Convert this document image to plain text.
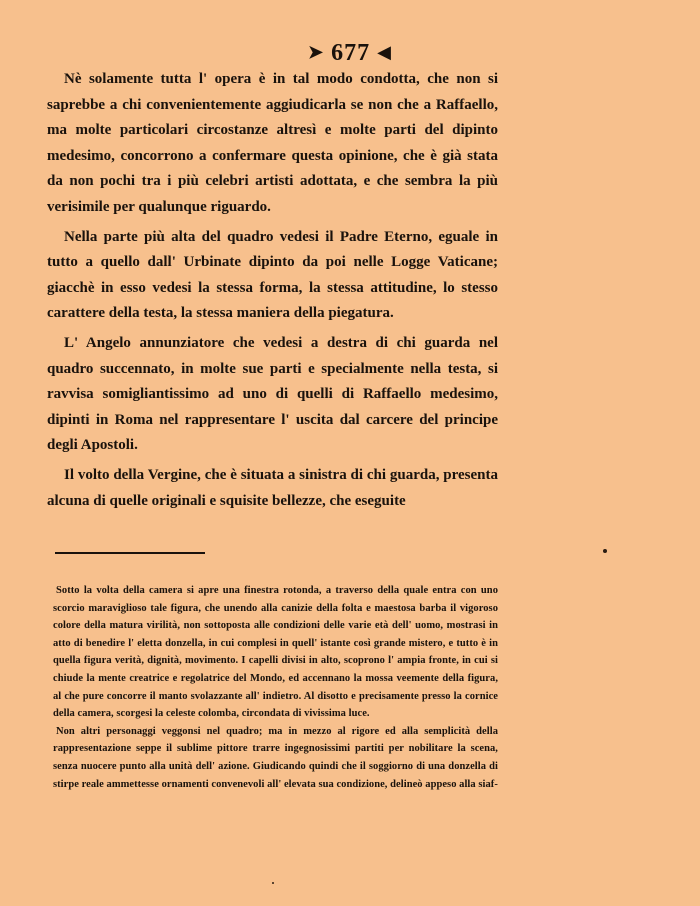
➤ 677 ◀

Nè solamente tutta l' opera è in tal modo condotta, che non si saprebbe a chi convenientemente aggiudicarla se non che a Raffaello, ma molte particolari circostanze altresì e molte parti del dipinto medesimo, concorrono a confermare questa opinione, che è già stata da non pochi tra i più celebri artisti adottata, e che sembra la più verisimile per qualunque riguardo.

Nella parte più alta del quadro vedesi il Padre Eterno, eguale in tutto a quello dall' Urbinate dipinto da poi nelle Logge Vaticane; giacchè in esso vedesi la stessa forma, la stessa attitudine, lo stesso carattere della testa, la stessa maniera della piegatura.

L' Angelo annunziatore che vedesi a destra di chi guarda nel quadro succennato, in molte sue parti e specialmente nella testa, si ravvisa somigliantissimo ad uno di quelli di Raffaello medesimo, dipinti in Roma nel rappresentare l' uscita dal carcere del principe degli Apostoli.

Il volto della Vergine, che è situata a sinistra di chi guarda, presenta alcuna di quelle originali e squisite bellezze, che eseguite

Sotto la volta della camera si apre una finestra rotonda, a traverso della quale entra con uno scorcio maraviglioso tale figura, che unendo alla canizie della folta e maestosa barba il vigoroso colore della matura virilità, non sottoposta alle condizioni delle varie età dell' uomo, mostrasi in atto di benedire l' eletta donzella, in cui complesi in quell' istante così grande mistero, e tutto è in quella figura verità, dignità, movimento. I capelli divisi in alto, scoprono l' ampia fronte, in cui si chiude la mente creatrice e regolatrice del Mondo, ed accennano la mossa veemente della figura, al che pure concorre il manto svolazzante all' indietro. Al disotto e precisamente presso la cornice della camera, scorgesi la celeste colomba, circondata di vivissima luce.

Non altri personaggi veggonsi nel quadro; ma in mezzo al rigore ed alla semplicità della rappresentazione seppe il sublime pittore trarre ingegnosissimi partiti per nobilitare la scena, senza nuocere punto alla unità dell' azione. Giudicando quindi che il soggiorno di una donzella di stirpe reale ammettesse ornamenti convenevoli all' elevata sua condizione, delineò appeso alla siaf-
